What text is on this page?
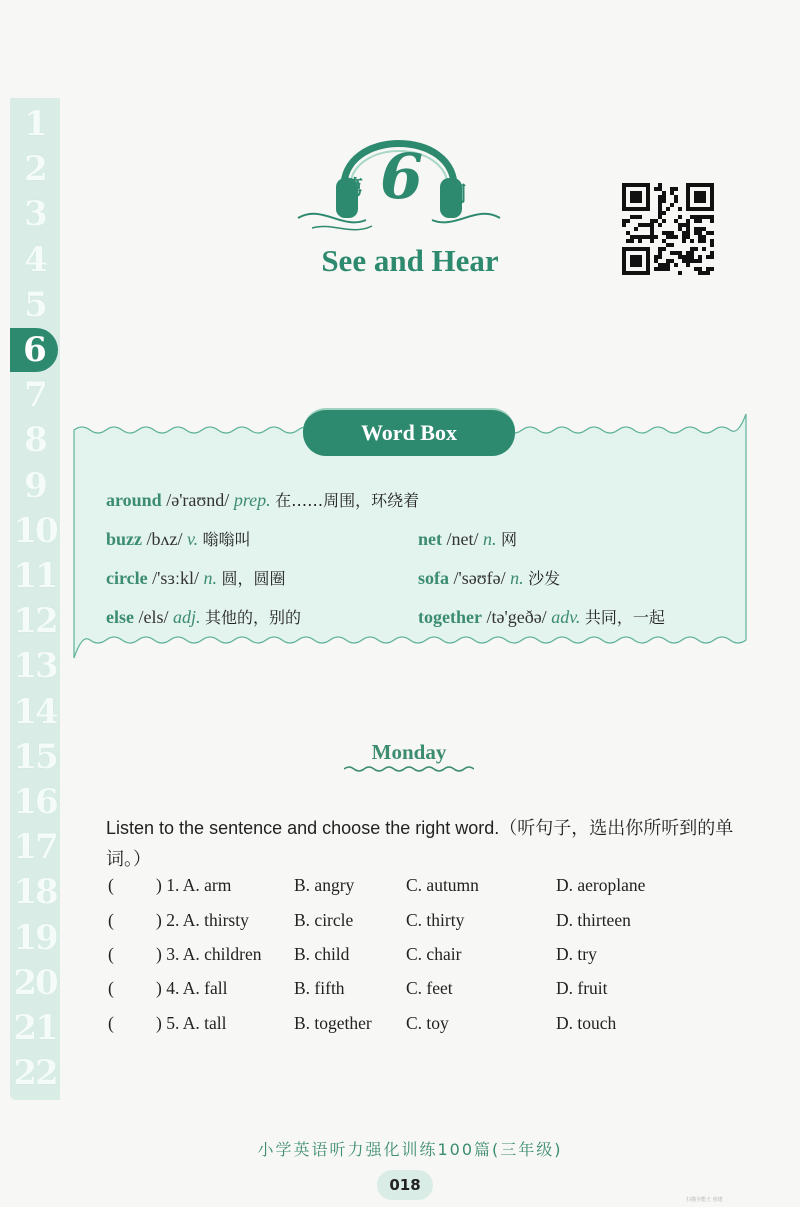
1
2
3
4
5
6
7
8
9
10
11
12
13
14
15
16
17
18
19
20
21
22
第 6 周
See and Hear
Word Box
around /ə'raʊnd/ prep. 在……周围，环绕着
buzz /bʌz/ v. 嗡嗡叫	net /net/ n. 网
circle /'sɜːkl/ n. 圆，圆圈	sofa /'səʊfə/ n. 沙发
else /els/ adj. 其他的，别的	together /tə'geðə/ adv. 共同，一起
Monday
Listen to the sentence and choose the right word.（听句子，选出你所听到的单词。）
( ) 1. A. arm	B. angry	C. autumn	D. aeroplane
( ) 2. A. thirsty	B. circle	C. thirty	D. thirteen
( ) 3. A. children B. child	C. chair	D. try
( ) 4. A. fall	B. fifth	C. feet	D. fruit
( ) 5. A. tall	B. together C. toy	D. touch
小学英语听力强化训练100篇(三年级)
018
扫描全能王 创建
